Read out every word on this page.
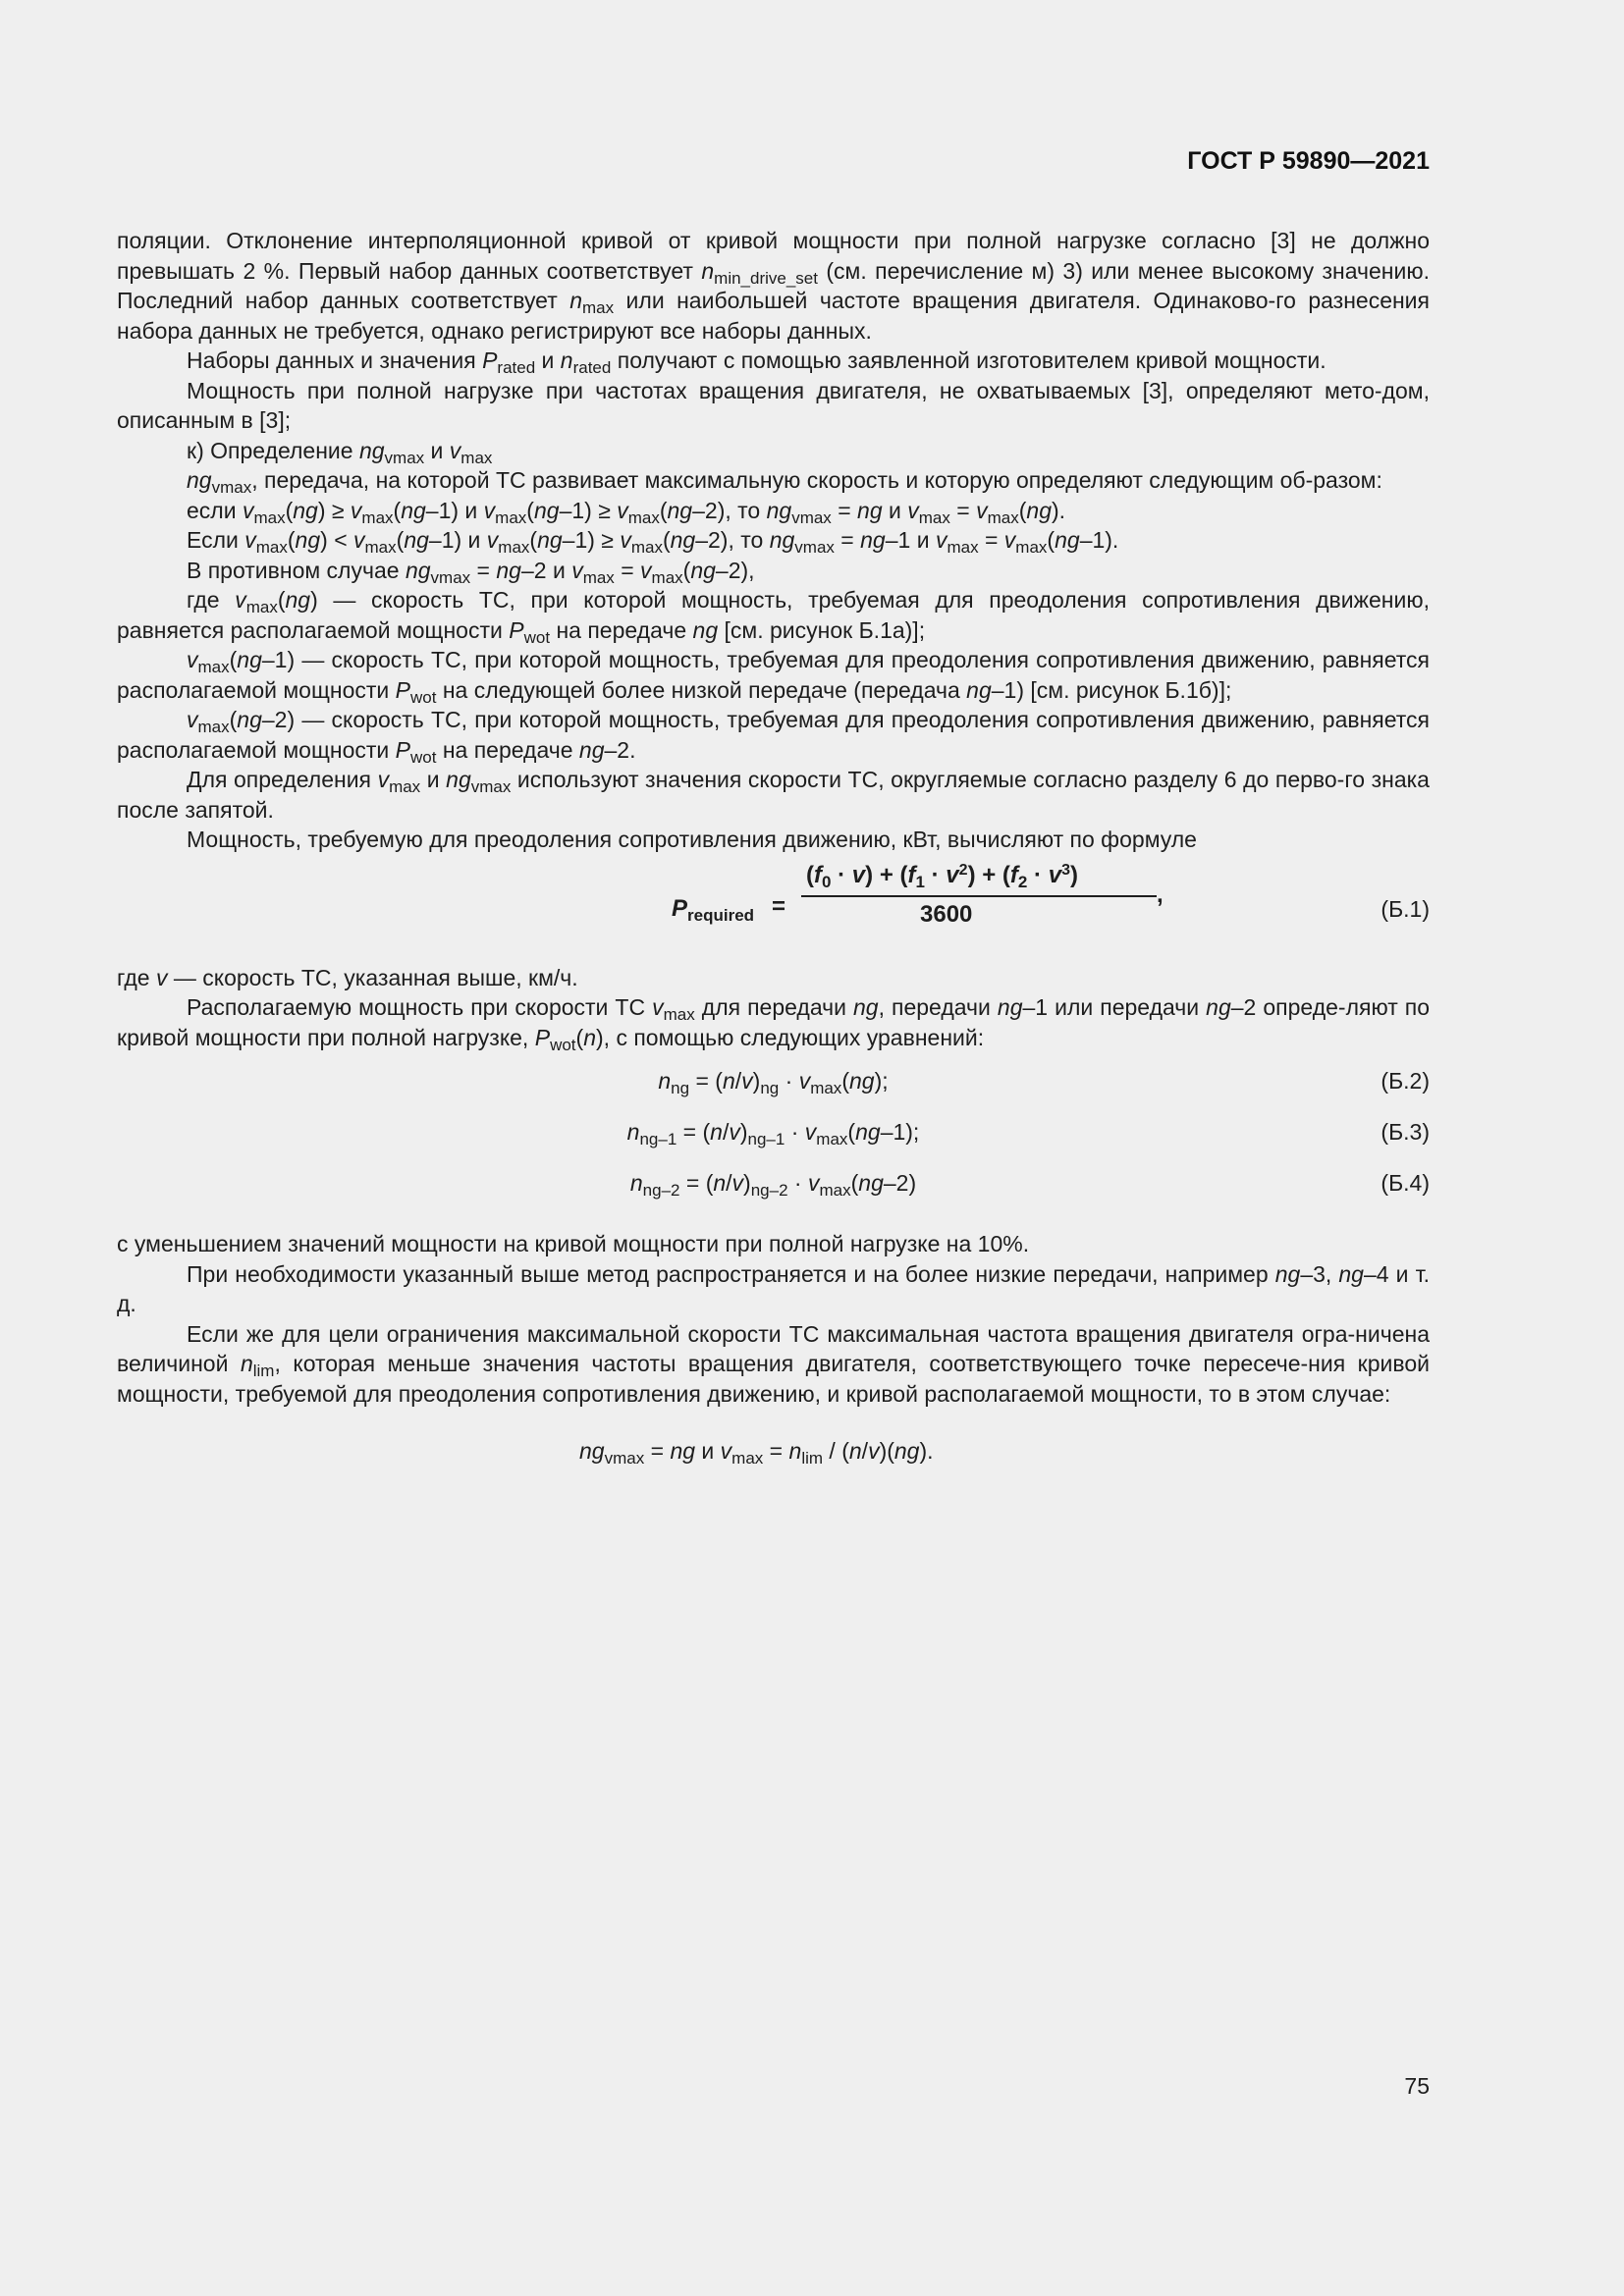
ГОСТ Р 59890—2021

поляции. Отклонение интерполяционной кривой от кривой мощности при полной нагрузке согласно [3] не должно превышать 2 %. Первый набор данных соответствует $n_{min\_drive\_set}$ (см. перечисление м) 3) или менее высокому значению. Последний набор данных соответствует $n_{max}$ или наибольшей частоте вращения двигателя. Одинаково-го разнесения набора данных не требуется, однако регистрируют все наборы данных.

Наборы данных и значения $P_{rated}$ и $n_{rated}$ получают с помощью заявленной изготовителем кривой мощности.

Мощность при полной нагрузке при частотах вращения двигателя, не охватываемых [3], определяют мето-дом, описанным в [3];

к) Определение $ng_{vmax}$ и $v_{max}$

$ng_{vmax}$, передача, на которой ТС развивает максимальную скорость и которую определяют следующим об-разом:

если $v_{max}(ng) \ge v_{max}(ng-1)$ и $v_{max}(ng-1) \ge v_{max}(ng-2)$, то $ng_{vmax}$ = ng и $v_{max} = v_{max}(ng)$.

Если $v_{max}(ng) < v_{max}(ng-1)$ и $v_{max}(ng-1) \ge v_{max}(ng-2)$, то $ng_{vmax} = ng-1$ и $v_{max} = v_{max}(ng-1)$.

В противном случае $ng_{vmax} = ng-2$ и $v_{max} = v_{max}(ng-2)$,

где $v_{max}(ng)$ — скорость ТС, при которой мощность, требуемая для преодоления сопротивления движению, равняется располагаемой мощности $P_{wot}$ на передаче ng [см. рисунок Б.1а)];

$v_{max}(ng-1)$ — скорость ТС, при которой мощность, требуемая для преодоления сопротивления движению, равняется располагаемой мощности $P_{wot}$ на следующей более низкой передаче (передача ng–1) [см. рисунок Б.1б)];

$v_{max}(ng-2)$ — скорость ТС, при которой мощность, требуемая для преодоления сопротивления движению, равняется располагаемой мощности $P_{wot}$ на передаче ng–2.

Для определения $v_{max}$ и $ng_{vmax}$ используют значения скорости ТС, округляемые согласно разделу 6 до перво-го знака после запятой.

Мощность, требуемую для преодоления сопротивления движению, кВт, вычисляют по формуле

$P_{required}$ =
$(f_0 \cdot v) + (f_1 \cdot v^2) + (f_2 \cdot v^3)$
3600
,
(Б.1)

где v — скорость ТС, указанная выше, км/ч.

Располагаемую мощность при скорости ТС $v_{max}$ для передачи ng, передачи ng–1 или передачи ng–2 опреде-ляют по кривой мощности при полной нагрузке, $P_{wot}(n)$, с помощью следующих уравнений:

$n_{ng} = (n/v)_{ng} \cdot v_{max}(ng)$;	(Б.2)
$n_{ng-1} = (n/v)_{ng-1} \cdot v_{max}(ng-1)$;	(Б.3)
$n_{ng-2} = (n/v)_{ng-2} \cdot v_{max}(ng-2)$	(Б.4)

с уменьшением значений мощности на кривой мощности при полной нагрузке на 10%.

При необходимости указанный выше метод распространяется и на более низкие передачи, например ng–3, ng–4 и т. д.

Если же для цели ограничения максимальной скорости ТС максимальная частота вращения двигателя огра-ничена величиной $n_{lim}$, которая меньше значения частоты вращения двигателя, соответствующего точке пересече-ния кривой мощности, требуемой для преодоления сопротивления движению, и кривой располагаемой мощности, то в этом случае:

$ng_{vmax}$ = ng и $v_{max} = n_{lim} / (n/v)(ng)$.
75
